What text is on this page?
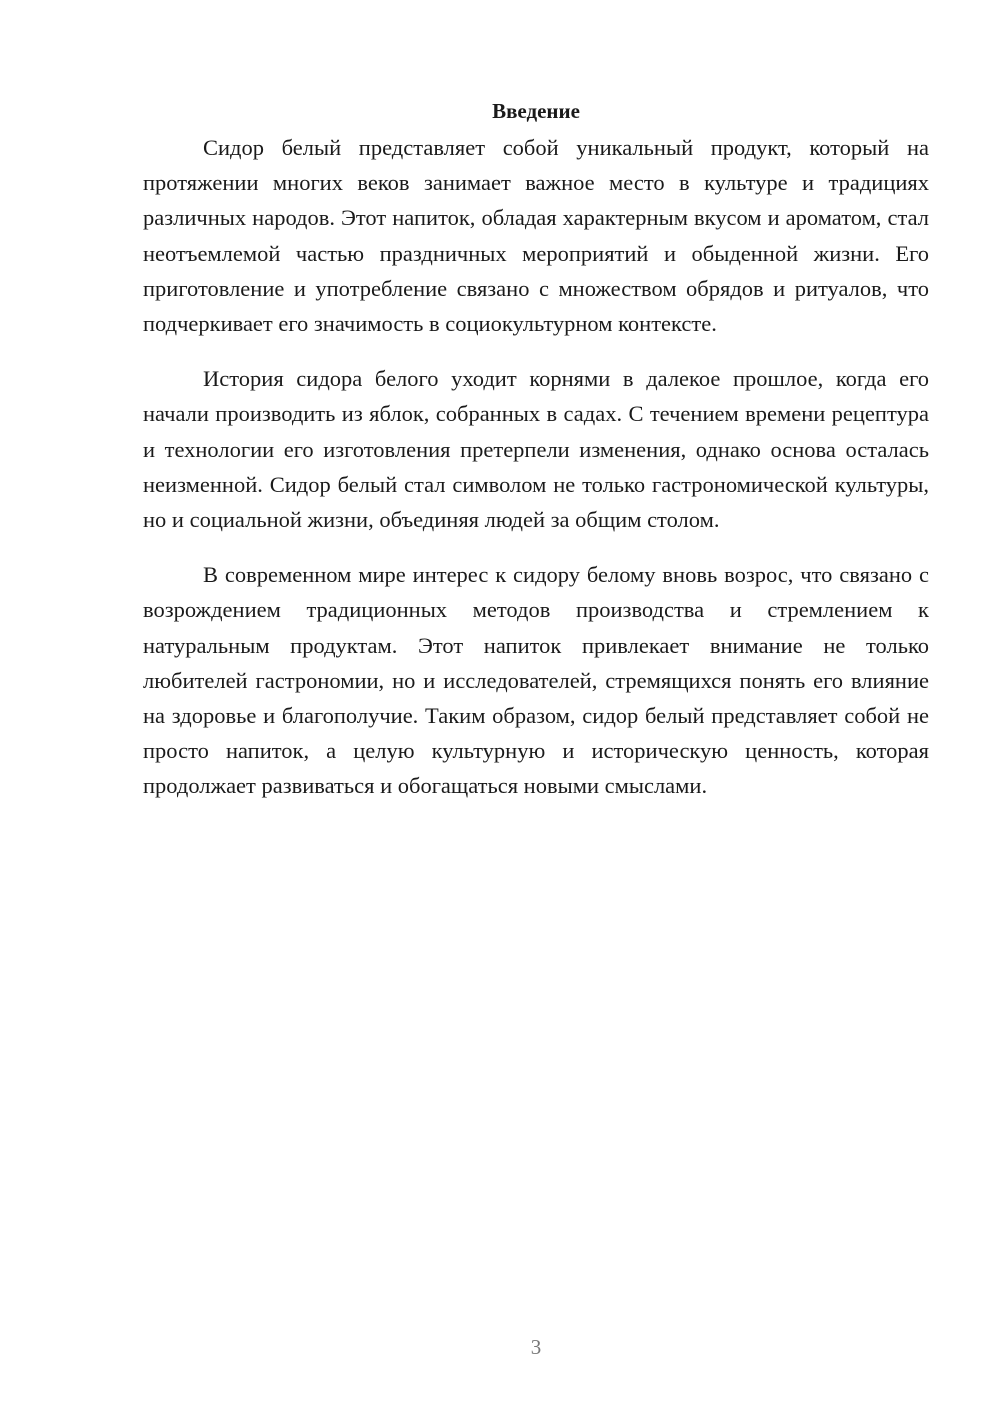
Введение

Сидор белый представляет собой уникальный продукт, который на протяжении многих веков занимает важное место в культуре и традициях различных народов. Этот напиток, обладая характерным вкусом и ароматом, стал неотъемлемой частью праздничных мероприятий и обыденной жизни. Его приготовление и употребление связано с множеством обрядов и ритуалов, что подчеркивает его значимость в социокультурном контексте.

История сидора белого уходит корнями в далекое прошлое, когда его начали производить из яблок, собранных в садах. С течением времени рецептура и технологии его изготовления претерпели изменения, однако основа осталась неизменной. Сидор белый стал символом не только гастрономической культуры, но и социальной жизни, объединяя людей за общим столом.

В современном мире интерес к сидору белому вновь возрос, что связано с возрождением традиционных методов производства и стремлением к натуральным продуктам. Этот напиток привлекает внимание не только любителей гастрономии, но и исследователей, стремящихся понять его влияние на здоровье и благополучие. Таким образом, сидор белый представляет собой не просто напиток, а целую культурную и историческую ценность, которая продолжает развиваться и обогащаться новыми смыслами.

3
